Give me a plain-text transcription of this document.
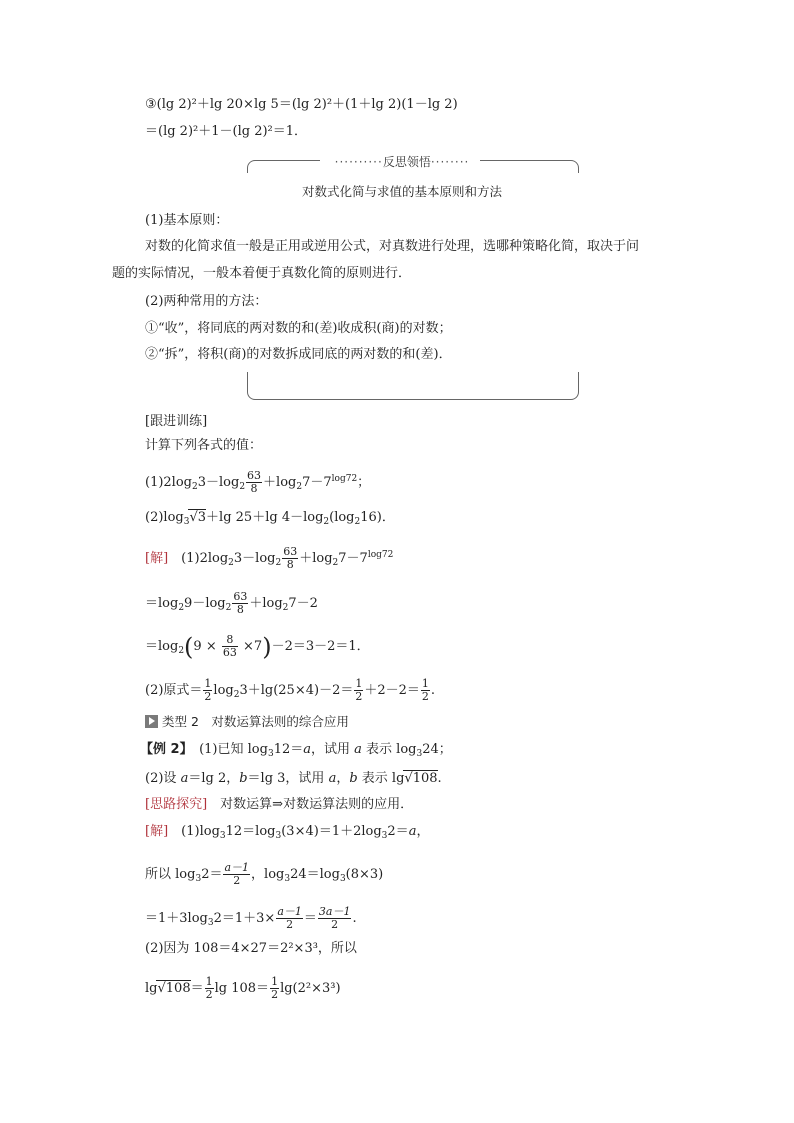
③(lg 2)²＋lg 20×lg 5＝(lg 2)²＋(1＋lg 2)(1－lg 2)
＝(lg 2)²＋1－(lg 2)²＝1．
··········反思领悟········
对数式化简与求值的基本原则和方法
(1)基本原则：
对数的化简求值一般是正用或逆用公式，对真数进行处理，选哪种策略化简，取决于问
题的实际情况，一般本着便于真数化简的原则进行．
(2)两种常用的方法：
①“收”，将同底的两对数的和(差)收成积(商)的对数；
②“拆”，将积(商)的对数拆成同底的两对数的和(差)．
[跟进训练]
计算下列各式的值：
$(1)2\log_23-\log_2 \frac{63}{8} +\log_27-7^{log72}$；
$(2)\log_3√3+\lg$ 25＋lg $4-\log_2(\log_216)$．
[解]　 $(1)2\log_23-\log_2 \frac{63}{8} +\log_27-7^{log72}$
$=\log_29-\log_2 \frac{63}{8} +\log_27-2$
$=\log_2(9 \times \frac{8}{63} \times 7)-2=3-2=1$．
(2)原式＝ $\frac{1}{2} \log_23+\lg(25\times 4)-2= \frac{1}{2} +2-2= \frac{1}{2}$ .
类型 2　对数运算法则的综合应用
【例 2】　 (1)已知 $\log_312=a$，试用 a 表示 $\log_324$；
(2)设 a＝lg 2，b＝lg 3，试用 a，b 表示 lg√108.
[思路探究]　 对数运算⇒对数运算法则的应用．
[解]　 $(1)\log_312=\log_3(3\times 4)=1+2\log_32=a$，
所以 $\log_32= \frac{a-1}{2}$ ，$\log_324=\log_3(8\times 3)$
$=1+3\log_32=1+3\times \frac{a-1}{2} = \frac{3a-1}{2}$ .
(2)因为 108＝4×27＝2²×3³，所以
$\lg√108= \frac{1}{2}$ $\lg 108= \frac{1}{2} \lg(2^2\times 3^3)$
